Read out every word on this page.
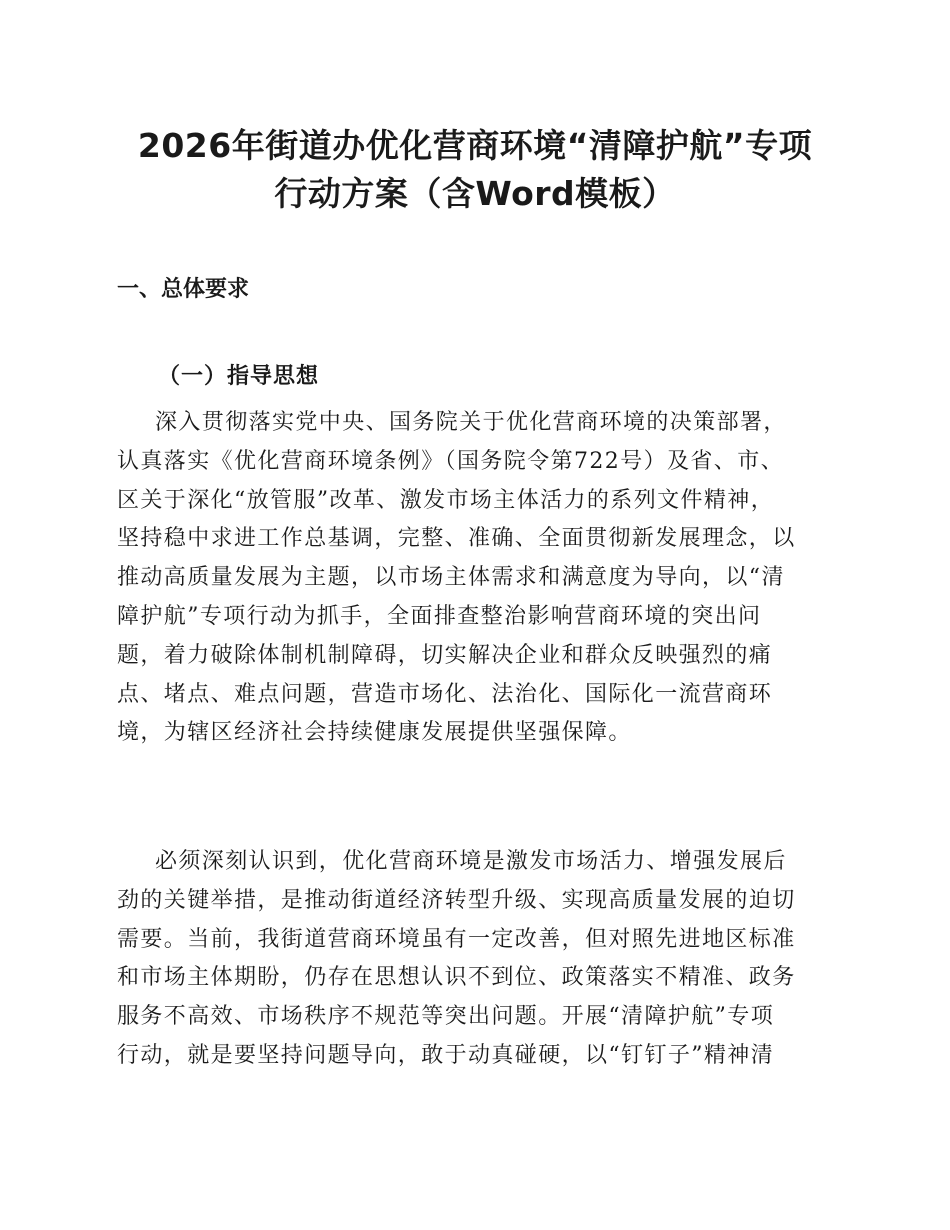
2026年街道办优化营商环境“清障护航”专项
行动方案（含Word模板）
一、总体要求
（一）指导思想

深入贯彻落实党中央、国务院关于优化营商环境的决策部署，
认真落实《优化营商环境条例》（国务院令第722号）及省、市、
区关于深化“放管服”改革、激发市场主体活力的系列文件精神，
坚持稳中求进工作总基调，完整、准确、全面贯彻新发展理念，以
推动高质量发展为主题，以市场主体需求和满意度为导向，以“清
障护航”专项行动为抓手，全面排查整治影响营商环境的突出问
题，着力破除体制机制障碍，切实解决企业和群众反映强烈的痛
点、堵点、难点问题，营造市场化、法治化、国际化一流营商环
境，为辖区经济社会持续健康发展提供坚强保障。

必须深刻认识到，优化营商环境是激发市场活力、增强发展后
劲的关键举措，是推动街道经济转型升级、实现高质量发展的迫切
需要。当前，我街道营商环境虽有一定改善，但对照先进地区标准
和市场主体期盼，仍存在思想认识不到位、政策落实不精准、政务
服务不高效、市场秩序不规范等突出问题。开展“清障护航”专项
行动，就是要坚持问题导向，敢于动真碰硬，以“钉钉子”精神清
